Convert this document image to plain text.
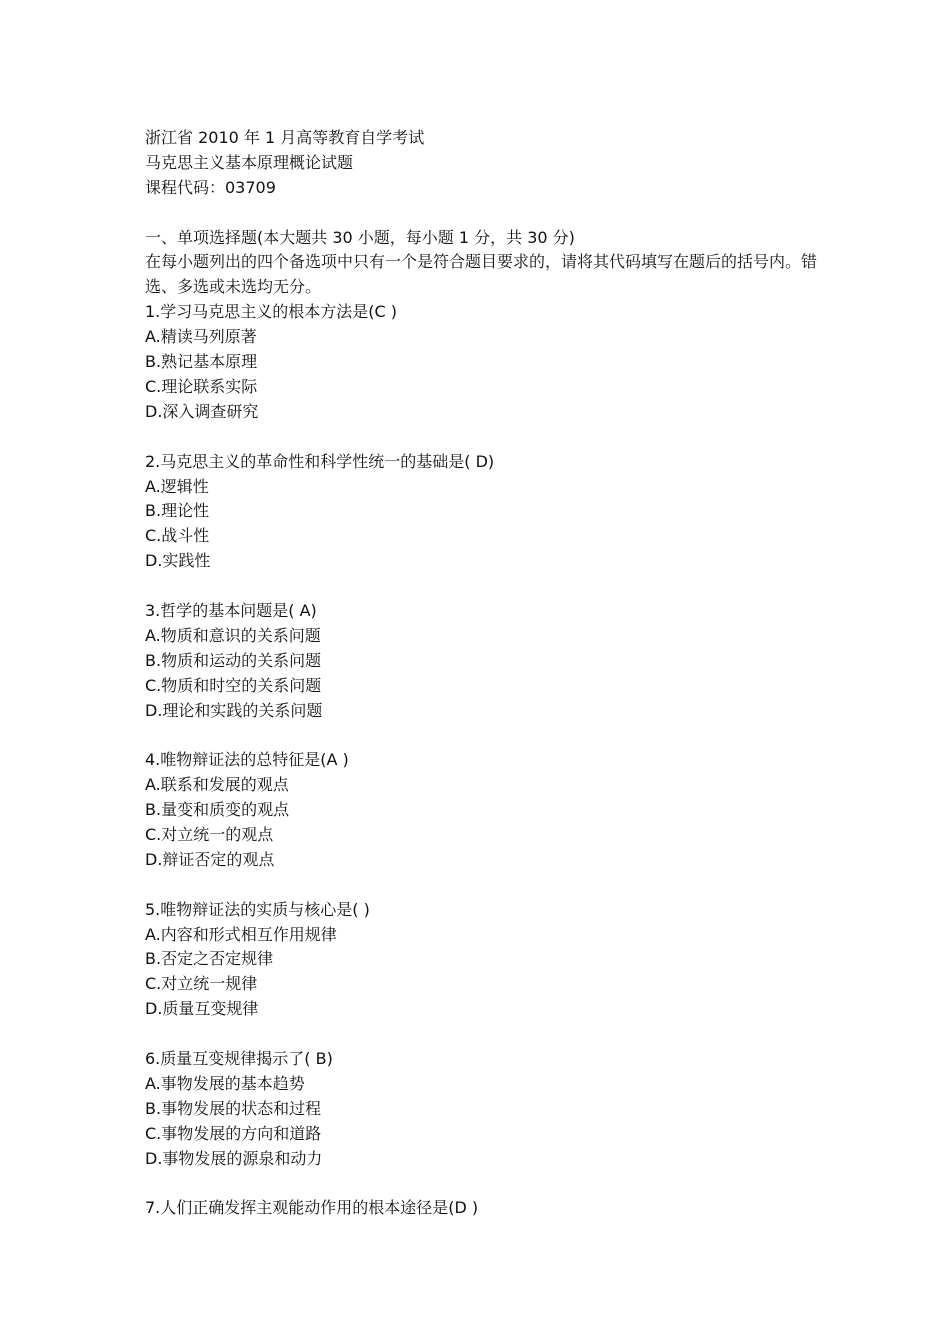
浙江省 2010 年 1 月高等教育自学考试
马克思主义基本原理概论试题
课程代码：03709
一、单项选择题(本大题共 30 小题，每小题 1 分，共 30 分)
在每小题列出的四个备选项中只有一个是符合题目要求的，请将其代码填写在题后的括号内。错选、多选或未选均无分。
1.学习马克思主义的根本方法是(C )
A.精读马列原著
B.熟记基本原理
C.理论联系实际
D.深入调查研究
2.马克思主义的革命性和科学性统一的基础是( D)
A.逻辑性
B.理论性
C.战斗性
D.实践性
3.哲学的基本问题是( A)
A.物质和意识的关系问题
B.物质和运动的关系问题
C.物质和时空的关系问题
D.理论和实践的关系问题
4.唯物辩证法的总特征是(A )
A.联系和发展的观点
B.量变和质变的观点
C.对立统一的观点
D.辩证否定的观点
5.唯物辩证法的实质与核心是( )
A.内容和形式相互作用规律
B.否定之否定规律
C.对立统一规律
D.质量互变规律
6.质量互变规律揭示了( B)
A.事物发展的基本趋势
B.事物发展的状态和过程
C.事物发展的方向和道路
D.事物发展的源泉和动力
7.人们正确发挥主观能动作用的根本途径是(D )
